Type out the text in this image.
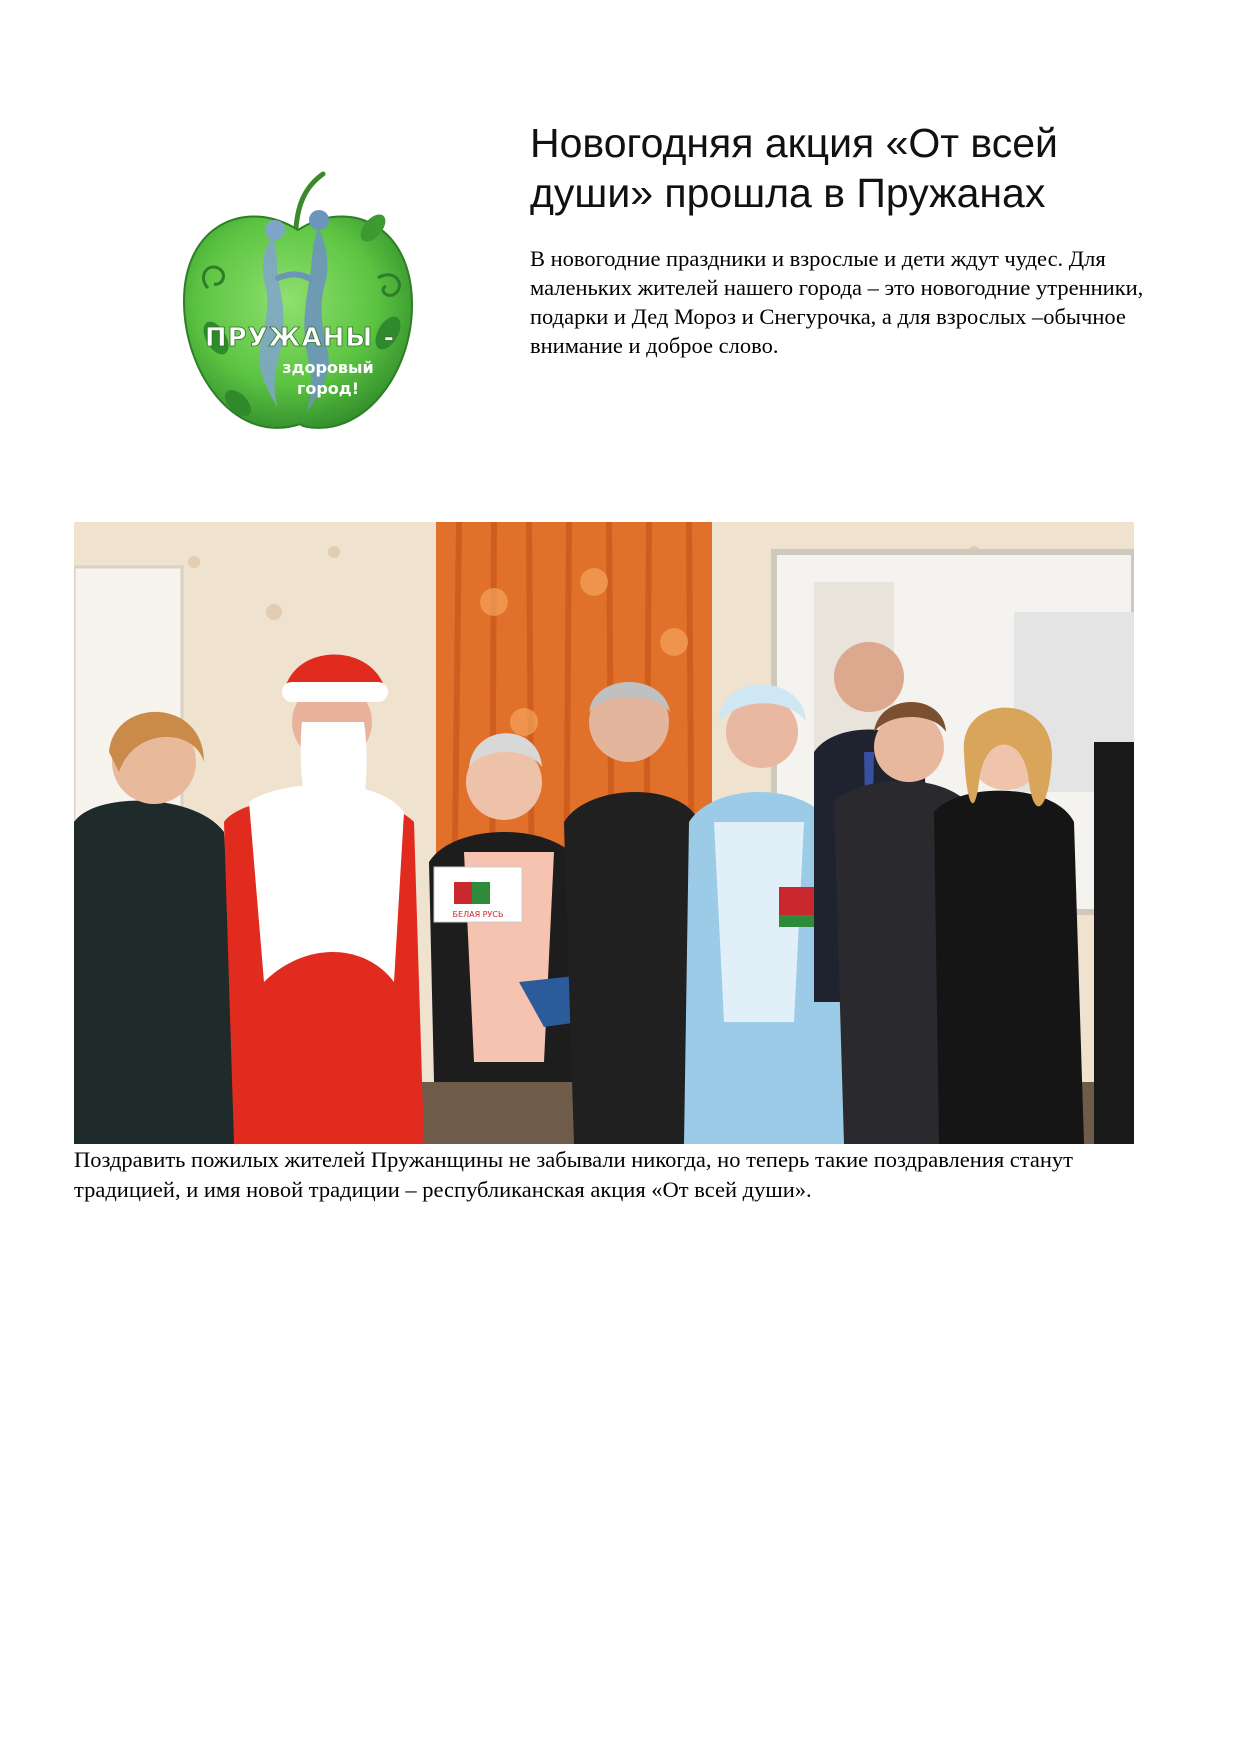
ПРУЖАНЫ -
здоровый
город!
Новогодняя акция «От всей души» прошла в Пружанах

В новогодние праздники и взрослые и дети ждут чудес. Для маленьких жителей нашего города – это новогодние утренники, подарки и Дед Мороз и Снегурочка, а для взрослых –обычное внимание и доброе слово.

БЕЛАЯ РУСЬ

Поздравить пожилых жителей Пружанщины не забывали никогда, но теперь такие поздравления станут традицией, и имя новой традиции – республиканская акция «От всей души».
